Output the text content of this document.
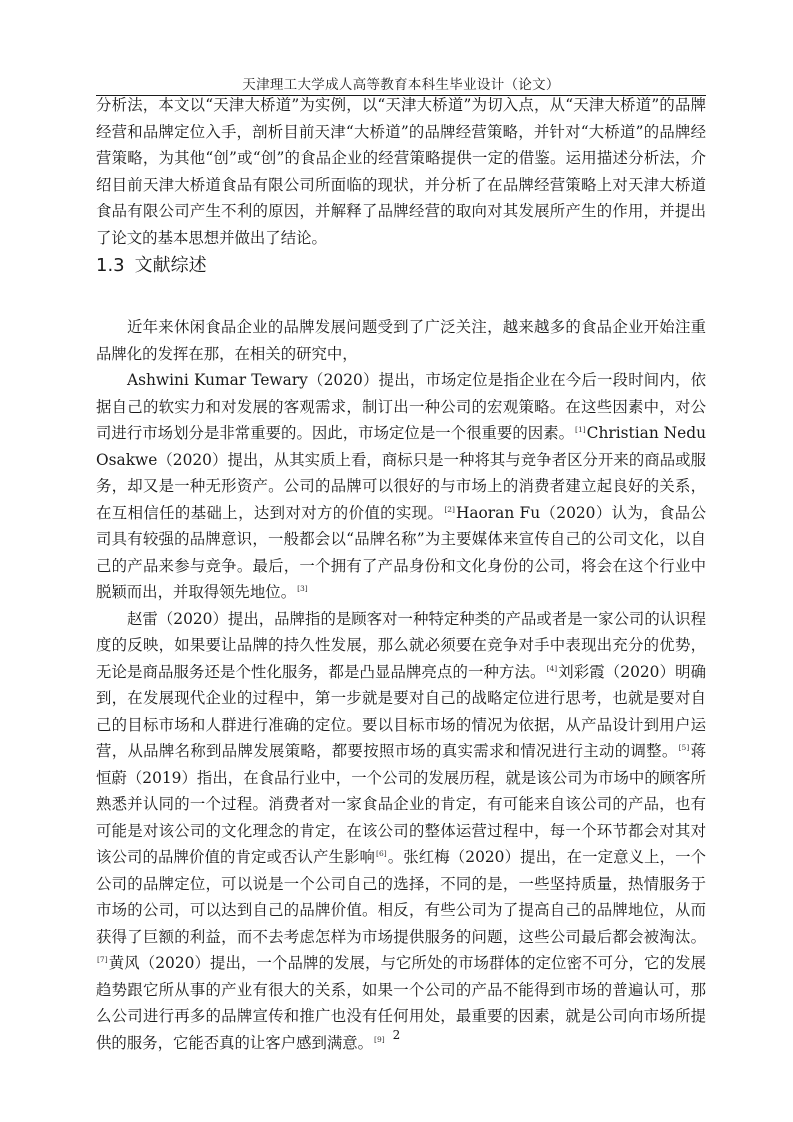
天津理工大学成人高等教育本科生毕业设计（论文）

分析法，本文以“天津大桥道”为实例，以“天津大桥道”为切入点，从“天津大桥道”的品牌经营和品牌定位入手，剖析目前天津“大桥道”的品牌经营策略，并针对“大桥道”的品牌经营策略，为其他“创”或“创”的食品企业的经营策略提供一定的借鉴。运用描述分析法，介绍目前天津大桥道食品有限公司所面临的现状，并分析了在品牌经营策略上对天津大桥道食品有限公司产生不利的原因，并解释了品牌经营的取向对其发展所产生的作用，并提出了论文的基本思想并做出了结论。

1.3 文献综述

近年来休闲食品企业的品牌发展问题受到了广泛关注，越来越多的食品企业开始注重品牌化的发挥在那，在相关的研究中，

Ashwini Kumar Tewary（2020）提出，市场定位是指企业在今后一段时间内，依据自己的软实力和对发展的客观需求，制订出一种公司的宏观策略。在这些因素中，对公司进行市场划分是非常重要的。因此，市场定位是一个很重要的因素。[1]Christian Nedu Osakwe（2020）提出，从其实质上看，商标只是一种将其与竞争者区分开来的商品或服务，却又是一种无形资产。公司的品牌可以很好的与市场上的消费者建立起良好的关系，在互相信任的基础上，达到对对方的价值的实现。[2]Haoran Fu（2020）认为，食品公司具有较强的品牌意识，一般都会以“品牌名称”为主要媒体来宣传自己的公司文化，以自己的产品来参与竞争。最后，一个拥有了产品身份和文化身份的公司，将会在这个行业中脱颖而出，并取得领先地位。[3]

赵雷（2020）提出，品牌指的是顾客对一种特定种类的产品或者是一家公司的认识程度的反映，如果要让品牌的持久性发展，那么就必须要在竞争对手中表现出充分的优势，无论是商品服务还是个性化服务，都是凸显品牌亮点的一种方法。[4]刘彩霞（2020）明确到，在发展现代企业的过程中，第一步就是要对自己的战略定位进行思考，也就是要对自己的目标市场和人群进行准确的定位。要以目标市场的情况为依据，从产品设计到用户运营，从品牌名称到品牌发展策略，都要按照市场的真实需求和情况进行主动的调整。[5]蒋恒蔚（2019）指出，在食品行业中，一个公司的发展历程，就是该公司为市场中的顾客所熟悉并认同的一个过程。消费者对一家食品企业的肯定，有可能来自该公司的产品，也有可能是对该公司的文化理念的肯定，在该公司的整体运营过程中，每一个环节都会对其对该公司的品牌价值的肯定或否认产生影响[6]。张红梅（2020）提出，在一定意义上，一个公司的品牌定位，可以说是一个公司自己的选择，不同的是，一些坚持质量，热情服务于市场的公司，可以达到自己的品牌价值。相反，有些公司为了提高自己的品牌地位，从而获得了巨额的利益，而不去考虑怎样为市场提供服务的问题，这些公司最后都会被淘汰。[7]黄风（2020）提出，一个品牌的发展，与它所处的市场群体的定位密不可分，它的发展趋势跟它所从事的产业有很大的关系，如果一个公司的产品不能得到市场的普遍认可，那么公司进行再多的品牌宣传和推广也没有任何用处，最重要的因素，就是公司向市场所提供的服务，它能否真的让客户感到满意。[9] 2
